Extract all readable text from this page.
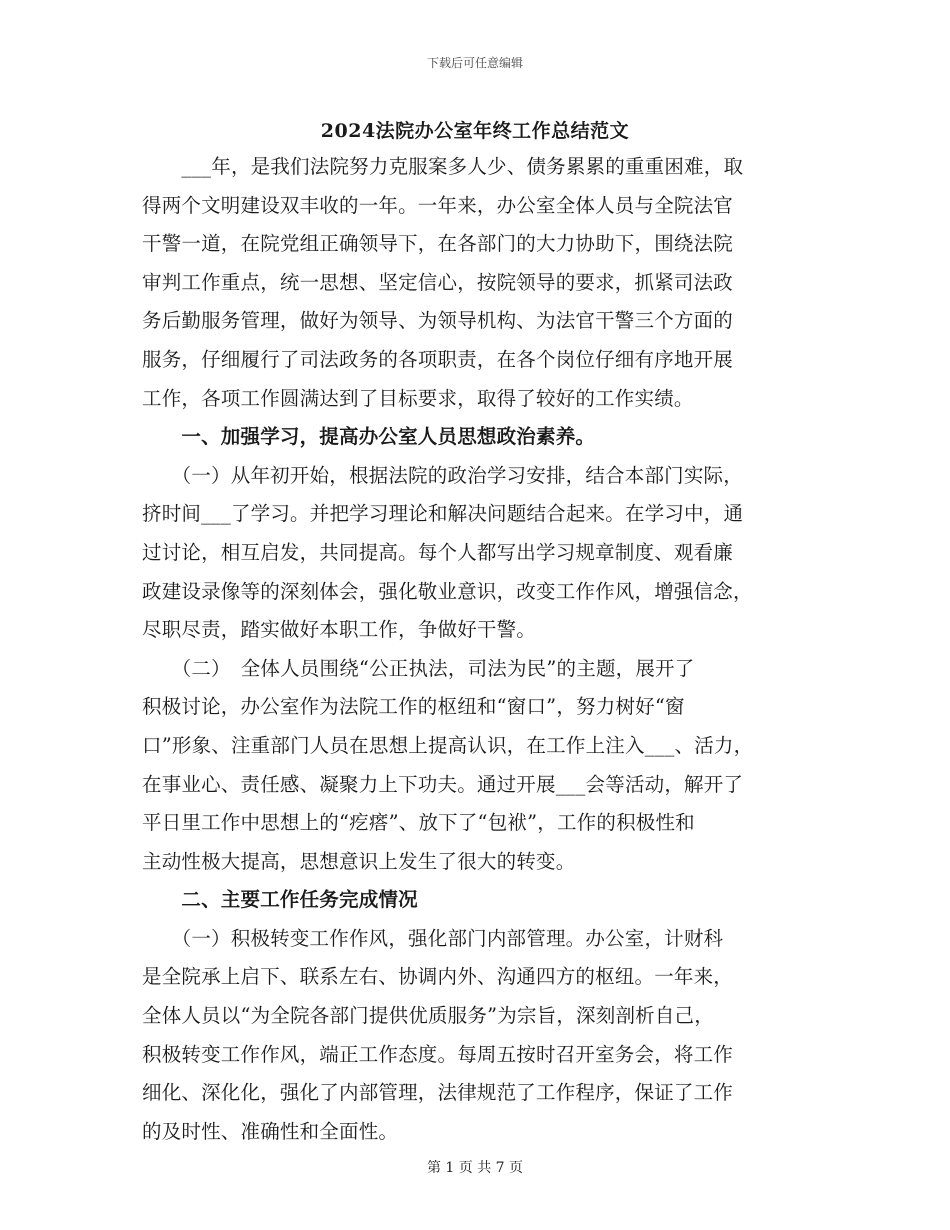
下载后可任意编辑
2024法院办公室年终工作总结范文
　　___年，是我们法院努力克服案多人少、债务累累的重重困难，取
得两个文明建设双丰收的一年。一年来，办公室全体人员与全院法官
干警一道，在院党组正确领导下，在各部门的大力协助下，围绕法院
审判工作重点，统一思想、坚定信心，按院领导的要求，抓紧司法政
务后勤服务管理，做好为领导、为领导机构、为法官干警三个方面的
服务，仔细履行了司法政务的各项职责，在各个岗位仔细有序地开展
工作，各项工作圆满达到了目标要求，取得了较好的工作实绩。
　　一、加强学习，提高办公室人员思想政治素养。
　　（一）从年初开始，根据法院的政治学习安排，结合本部门实际，
挤时间___了学习。并把学习理论和解决问题结合起来。在学习中，通
过讨论，相互启发，共同提高。每个人都写出学习规章制度、观看廉
政建设录像等的深刻体会，强化敬业意识，改变工作作风，增强信念，
尽职尽责，踏实做好本职工作，争做好干警。
　　（二）　全体人员围绕“公正执法，司法为民”的主题，展开了
积极讨论，办公室作为法院工作的枢纽和“窗口”，努力树好“窗
口”形象、注重部门人员在思想上提高认识，在工作上注入___、活力，
在事业心、责任感、凝聚力上下功夫。通过开展___会等活动，解开了
平日里工作中思想上的“疙瘩”、放下了“包袱”，工作的积极性和
主动性极大提高，思想意识上发生了很大的转变。
　　二、主要工作任务完成情况
　　（一）积极转变工作作风，强化部门内部管理。办公室，计财科
是全院承上启下、联系左右、协调内外、沟通四方的枢纽。一年来，
全体人员以“为全院各部门提供优质服务”为宗旨，深刻剖析自己，
积极转变工作作风，端正工作态度。每周五按时召开室务会，将工作
细化、深化化，强化了内部管理，法律规范了工作程序，保证了工作
的及时性、准确性和全面性。
第 1 页 共 7 页
